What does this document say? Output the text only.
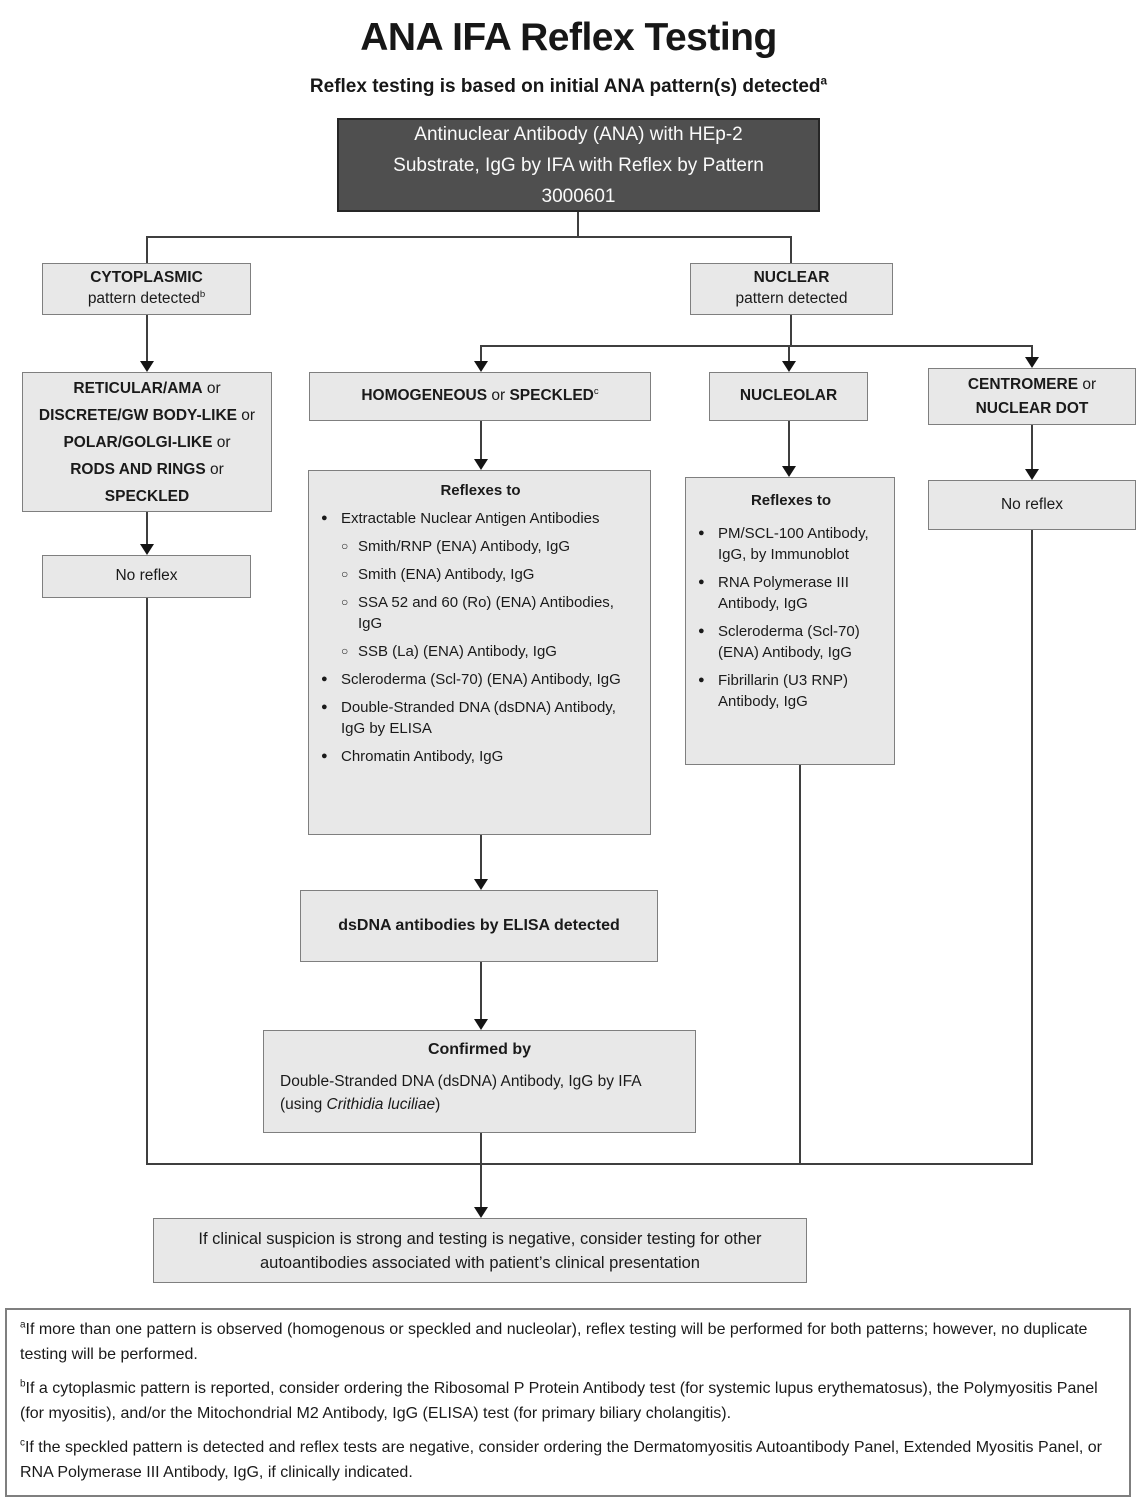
ANA IFA Reflex Testing
Reflex testing is based on initial ANA pattern(s) detected$^a$
Antinuclear Antibody (ANA) with HEp-2
Substrate, IgG by IFA with Reflex by Pattern
3000601
CYTOPLASMIC
pattern detected$^b$
NUCLEAR
pattern detected
RETICULAR/AMA or
DISCRETE/GW BODY-LIKE or
POLAR/GOLGI-LIKE or
RODS AND RINGS or
SPECKLED
No reflex
HOMOGENEOUS or SPECKLED$^c$
Reflexes to
● Extractable Nuclear Antigen Antibodies
○ Smith/RNP (ENA) Antibody, IgG
○ Smith (ENA) Antibody, IgG
○ SSA 52 and 60 (Ro) (ENA) Antibodies, IgG
○ SSB (La) (ENA) Antibody, IgG
● Scleroderma (Scl-70) (ENA) Antibody, IgG
● Double-Stranded DNA (dsDNA) Antibody, IgG by ELISA
● Chromatin Antibody, IgG
NUCLEOLAR
Reflexes to
● PM/SCL-100 Antibody, IgG, by Immunoblot
● RNA Polymerase III Antibody, IgG
● Scleroderma (Scl-70) (ENA) Antibody, IgG
● Fibrillarin (U3 RNP) Antibody, IgG
CENTROMERE or
NUCLEAR DOT
No reflex
dsDNA antibodies by ELISA detected
Confirmed by
Double-Stranded DNA (dsDNA) Antibody, IgG by IFA (using Crithidia luciliae)
If clinical suspicion is strong and testing is negative, consider testing for other autoantibodies associated with patient’s clinical presentation

$^a$If more than one pattern is observed (homogenous or speckled and nucleolar), reflex testing will be performed for both patterns; however, no duplicate testing will be performed.

$^b$If a cytoplasmic pattern is reported, consider ordering the Ribosomal P Protein Antibody test (for systemic lupus erythematosus), the Polymyositis Panel (for myositis), and/or the Mitochondrial M2 Antibody, IgG (ELISA) test (for primary biliary cholangitis).

$^c$If the speckled pattern is detected and reflex tests are negative, consider ordering the Dermatomyositis Autoantibody Panel, Extended Myositis Panel, or RNA Polymerase III Antibody, IgG, if clinically indicated.
